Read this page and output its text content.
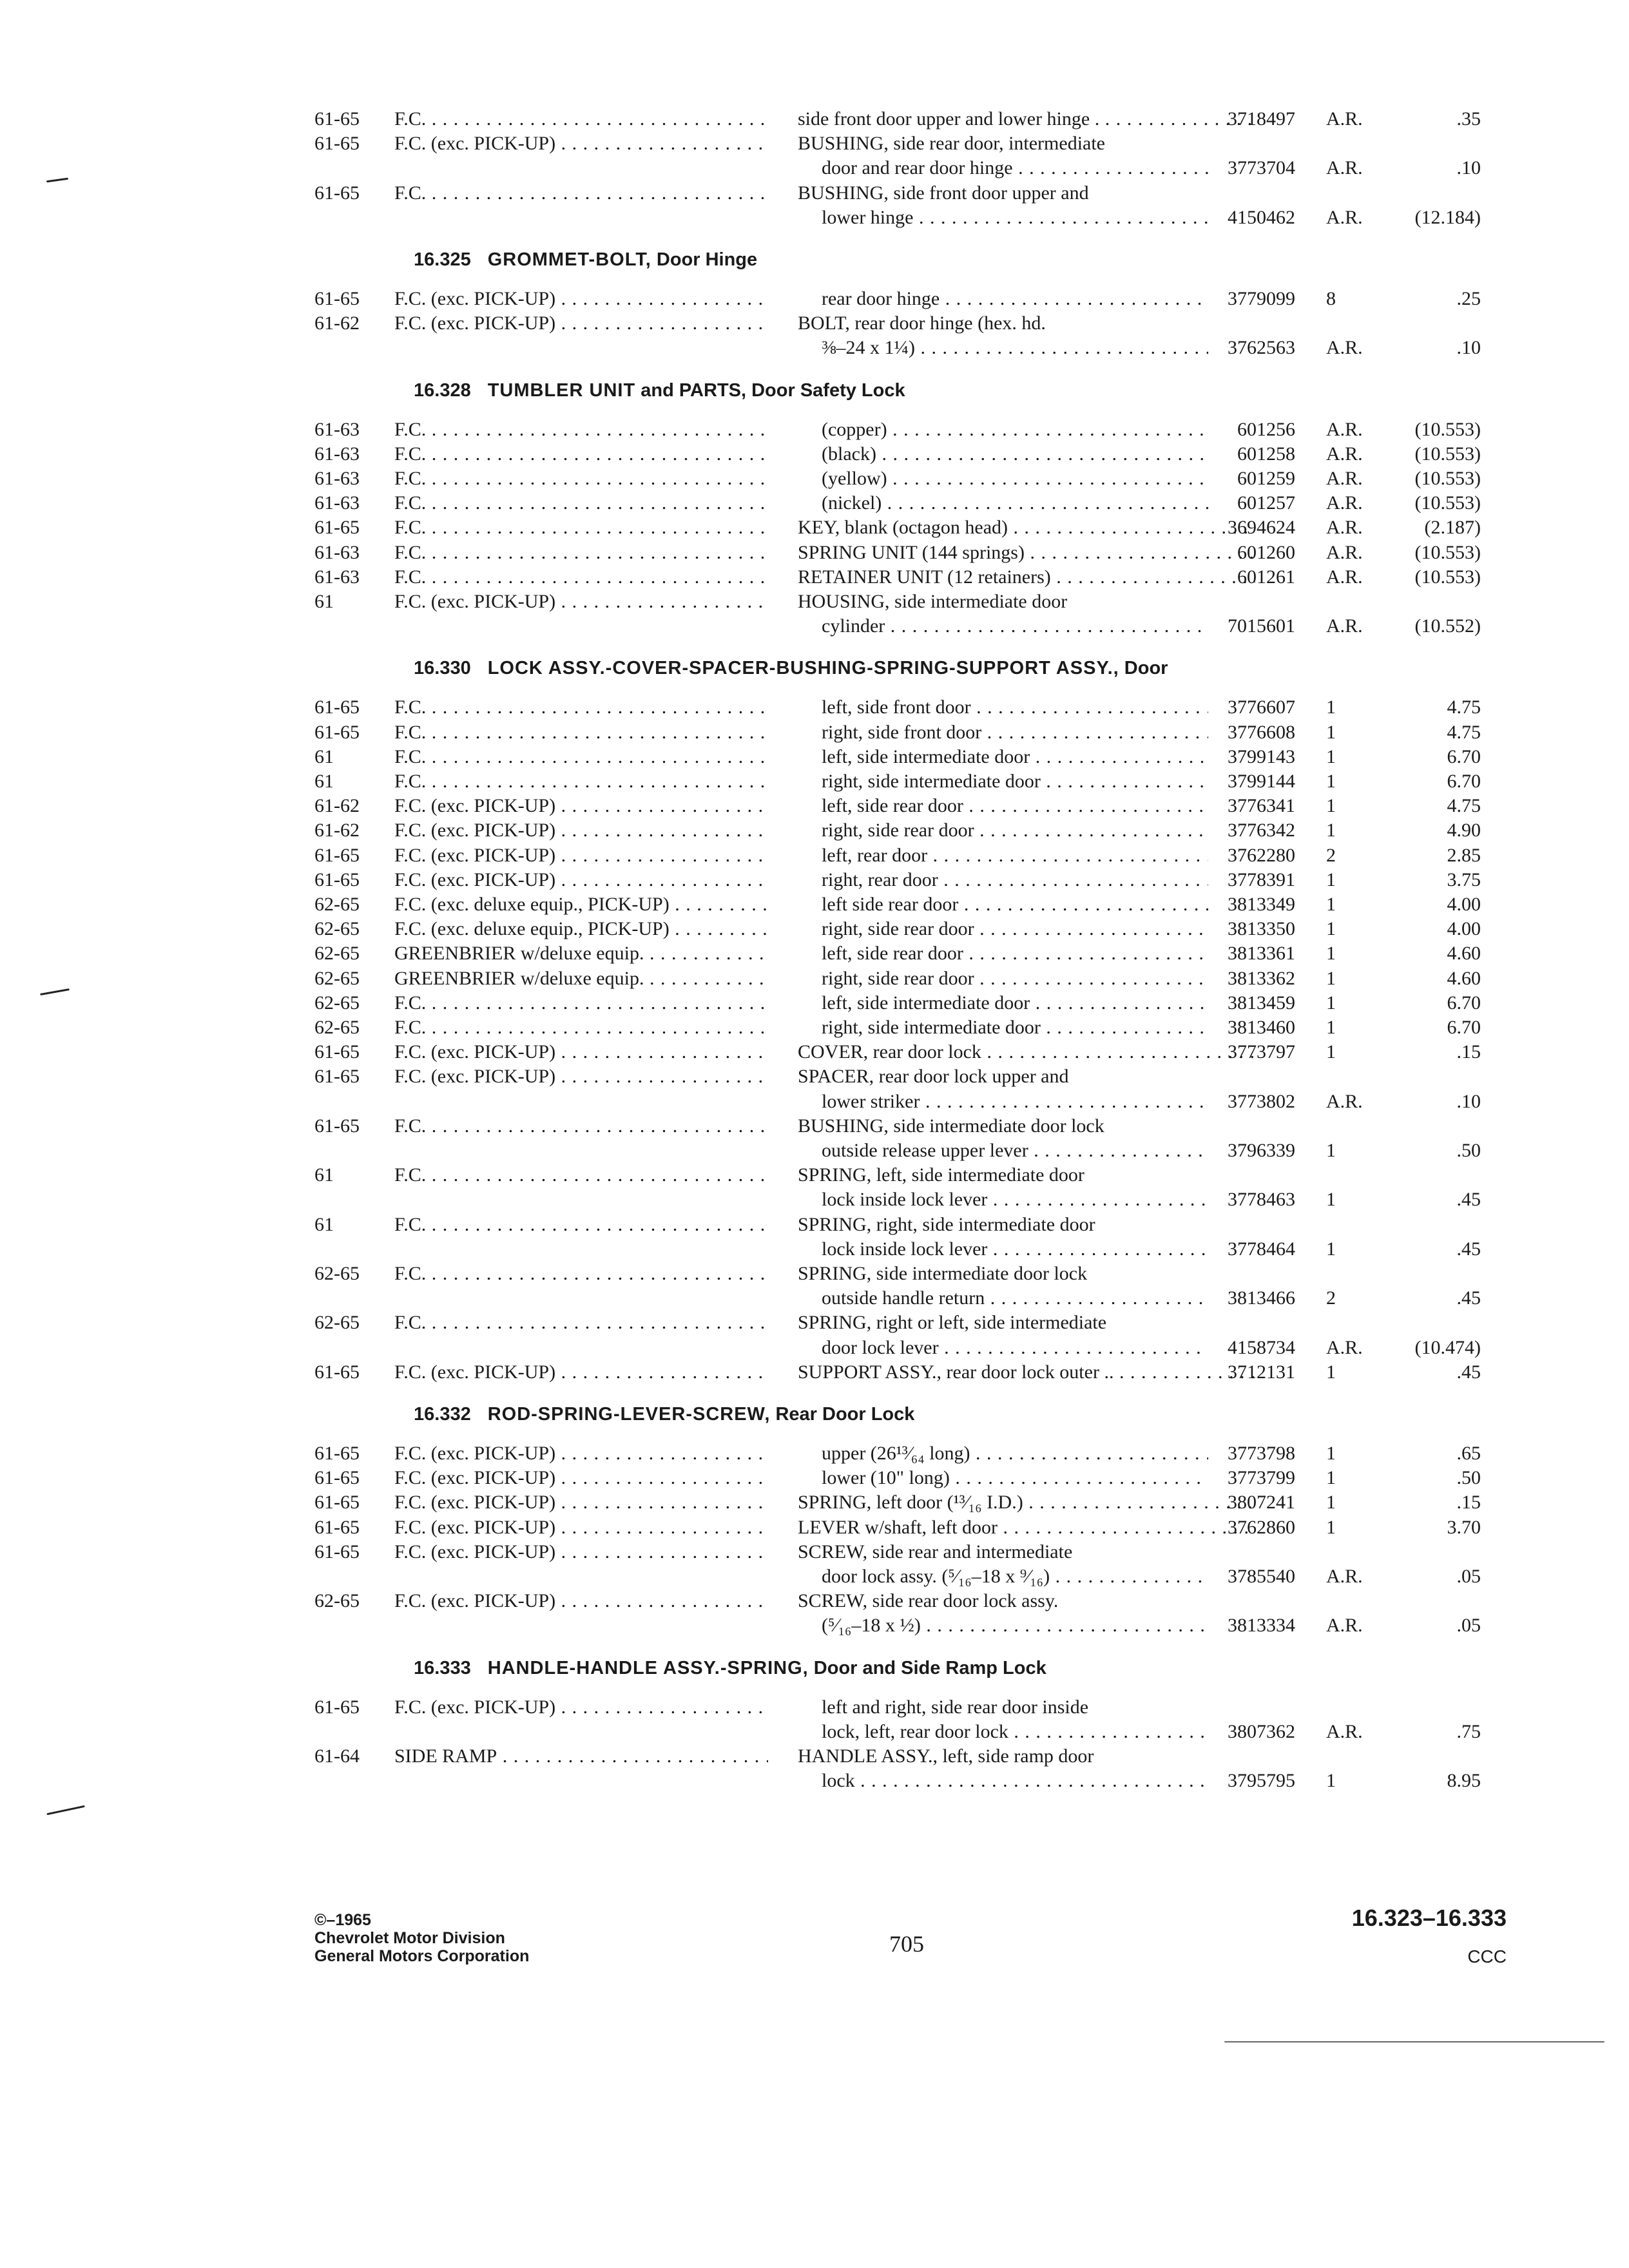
61-65 F.C. . . .	side front door upper and lower hinge . . . .	3718497 A.R.	.35
61-65 F.C. (exc. PICK-UP) . . .	BUSHING, side rear door, intermediate
door and rear door hinge . . .	3773704 A.R.	.10
61-65 F.C. . . .	BUSHING, side front door upper and
lower hinge . . .	4150462 A.R.	(12.184)
16.325 GROMMET-BOLT, Door Hinge
61-65 F.C. (exc. PICK-UP) . . .	rear door hinge . . .	3779099 8	.25
61-62 F.C. (exc. PICK-UP) . . .	BOLT, rear door hinge (hex. hd.
⅜–24 x 1¼) . . .	3762563 A.R.	.10
16.328 TUMBLER UNIT and PARTS, Door Safety Lock
61-63 F.C. . . .	(copper) . . .	601256 A.R.	(10.553)
61-63 F.C. . . .	(black) . . .	601258 A.R.	(10.553)
61-63 F.C. . . .	(yellow) . . .	601259 A.R.	(10.553)
61-63 F.C. . . .	(nickel) . . .	601257 A.R.	(10.553)
61-65 F.C. . . .	KEY, blank (octagon head) . . .	3694624 A.R.	(2.187)
61-63 F.C. . . .	SPRING UNIT (144 springs) . . .	601260 A.R.	(10.553)
61-63 F.C. . . .	RETAINER UNIT (12 retainers) . . .	601261 A.R.	(10.553)
61	F.C. (exc. PICK-UP) . . .	HOUSING, side intermediate door
cylinder . . .	7015601 A.R.	(10.552)
16.330 LOCK ASSY.-COVER-SPACER-BUSHING-SPRING-SUPPORT ASSY., Door
61-65 F.C. . . .	left, side front door . . .	3776607 1	4.75
61-65 F.C. . . .	right, side front door . . .	3776608 1	4.75
61	F.C. . . .	left, side intermediate door . . .	3799143 1	6.70
61	F.C. . . .	right, side intermediate door . . .	3799144 1	6.70
61-62 F.C. (exc. PICK-UP) . . .	left, side rear door . . .	3776341 1	4.75
61-62 F.C. (exc. PICK-UP) . . .	right, side rear door . . .	3776342 1	4.90
61-65 F.C. (exc. PICK-UP) . . .	left, rear door . . .	3762280 2	2.85
61-65 F.C. (exc. PICK-UP) . . .	right, rear door . . .	3778391 1	3.75
62-65 F.C. (exc. deluxe equip., PICK-UP) . . .	left side rear door . . .	3813349 1	4.00
62-65 F.C. (exc. deluxe equip., PICK-UP) . . .	right, side rear door . . .	3813350 1	4.00
62-65 GREENBRIER w/deluxe equip. . . .	left, side rear door . . .	3813361 1	4.60
62-65 GREENBRIER w/deluxe equip. . . .	right, side rear door . . .	3813362 1	4.60
62-65 F.C. . . .	left, side intermediate door . . .	3813459 1	6.70
62-65 F.C. . . .	right, side intermediate door . . .	3813460 1	6.70
61-65 F.C. (exc. PICK-UP) . . .	COVER, rear door lock . . .	3773797 1	.15
61-65 F.C. (exc. PICK-UP) . . .	SPACER, rear door lock upper and
lower striker . . .	3773802 A.R.	.10
61-65 F.C. . . .	BUSHING, side intermediate door lock
outside release upper lever . . .	3796339 1	.50
61	F.C. . . .	SPRING, left, side intermediate door
lock inside lock lever . . .	3778463 1	.45
61	F.C. . . .	SPRING, right, side intermediate door
lock inside lock lever . . .	3778464 1	.45
62-65 F.C. . . .	SPRING, side intermediate door lock
outside handle return . . .	3813466 2	.45
62-65 F.C. . . .	SPRING, right or left, side intermediate
door lock lever . . .	4158734 A.R.	(10.474)
61-65 F.C. (exc. PICK-UP) . . .	SUPPORT ASSY., rear door lock outer .. . . .	3712131 1	.45
16.332 ROD-SPRING-LEVER-SCREW, Rear Door Lock
61-65 F.C. (exc. PICK-UP) . . .	upper (26¹³⁄₆₄ long) . . .	3773798 1	.65
61-65 F.C. (exc. PICK-UP) . . .	lower (10" long) . . .	3773799 1	.50
61-65 F.C. (exc. PICK-UP) . . .	SPRING, left door (¹³⁄₁₆ I.D.) . . .	3807241 1	.15
61-65 F.C. (exc. PICK-UP) . . .	LEVER w/shaft, left door . . .	3762860 1	3.70
61-65 F.C. (exc. PICK-UP) . . .	SCREW, side rear and intermediate
door lock assy. (⁵⁄₁₆–18 x ⁹⁄₁₆) . . .	3785540 A.R.	.05
62-65 F.C. (exc. PICK-UP) . . .	SCREW, side rear door lock assy.
(⁵⁄₁₆–18 x ½) . . .	3813334 A.R.	.05
16.333 HANDLE-HANDLE ASSY.-SPRING, Door and Side Ramp Lock
61-65 F.C. (exc. PICK-UP) . . .	left and right, side rear door inside
lock, left, rear door lock . . .	3807362 A.R.	.75
61-64 SIDE RAMP . . .	HANDLE ASSY., left, side ramp door
lock . . .	3795795 1	8.95
©–1965
Chevrolet Motor Division
General Motors Corporation	705
16.323–16.333
CCC
